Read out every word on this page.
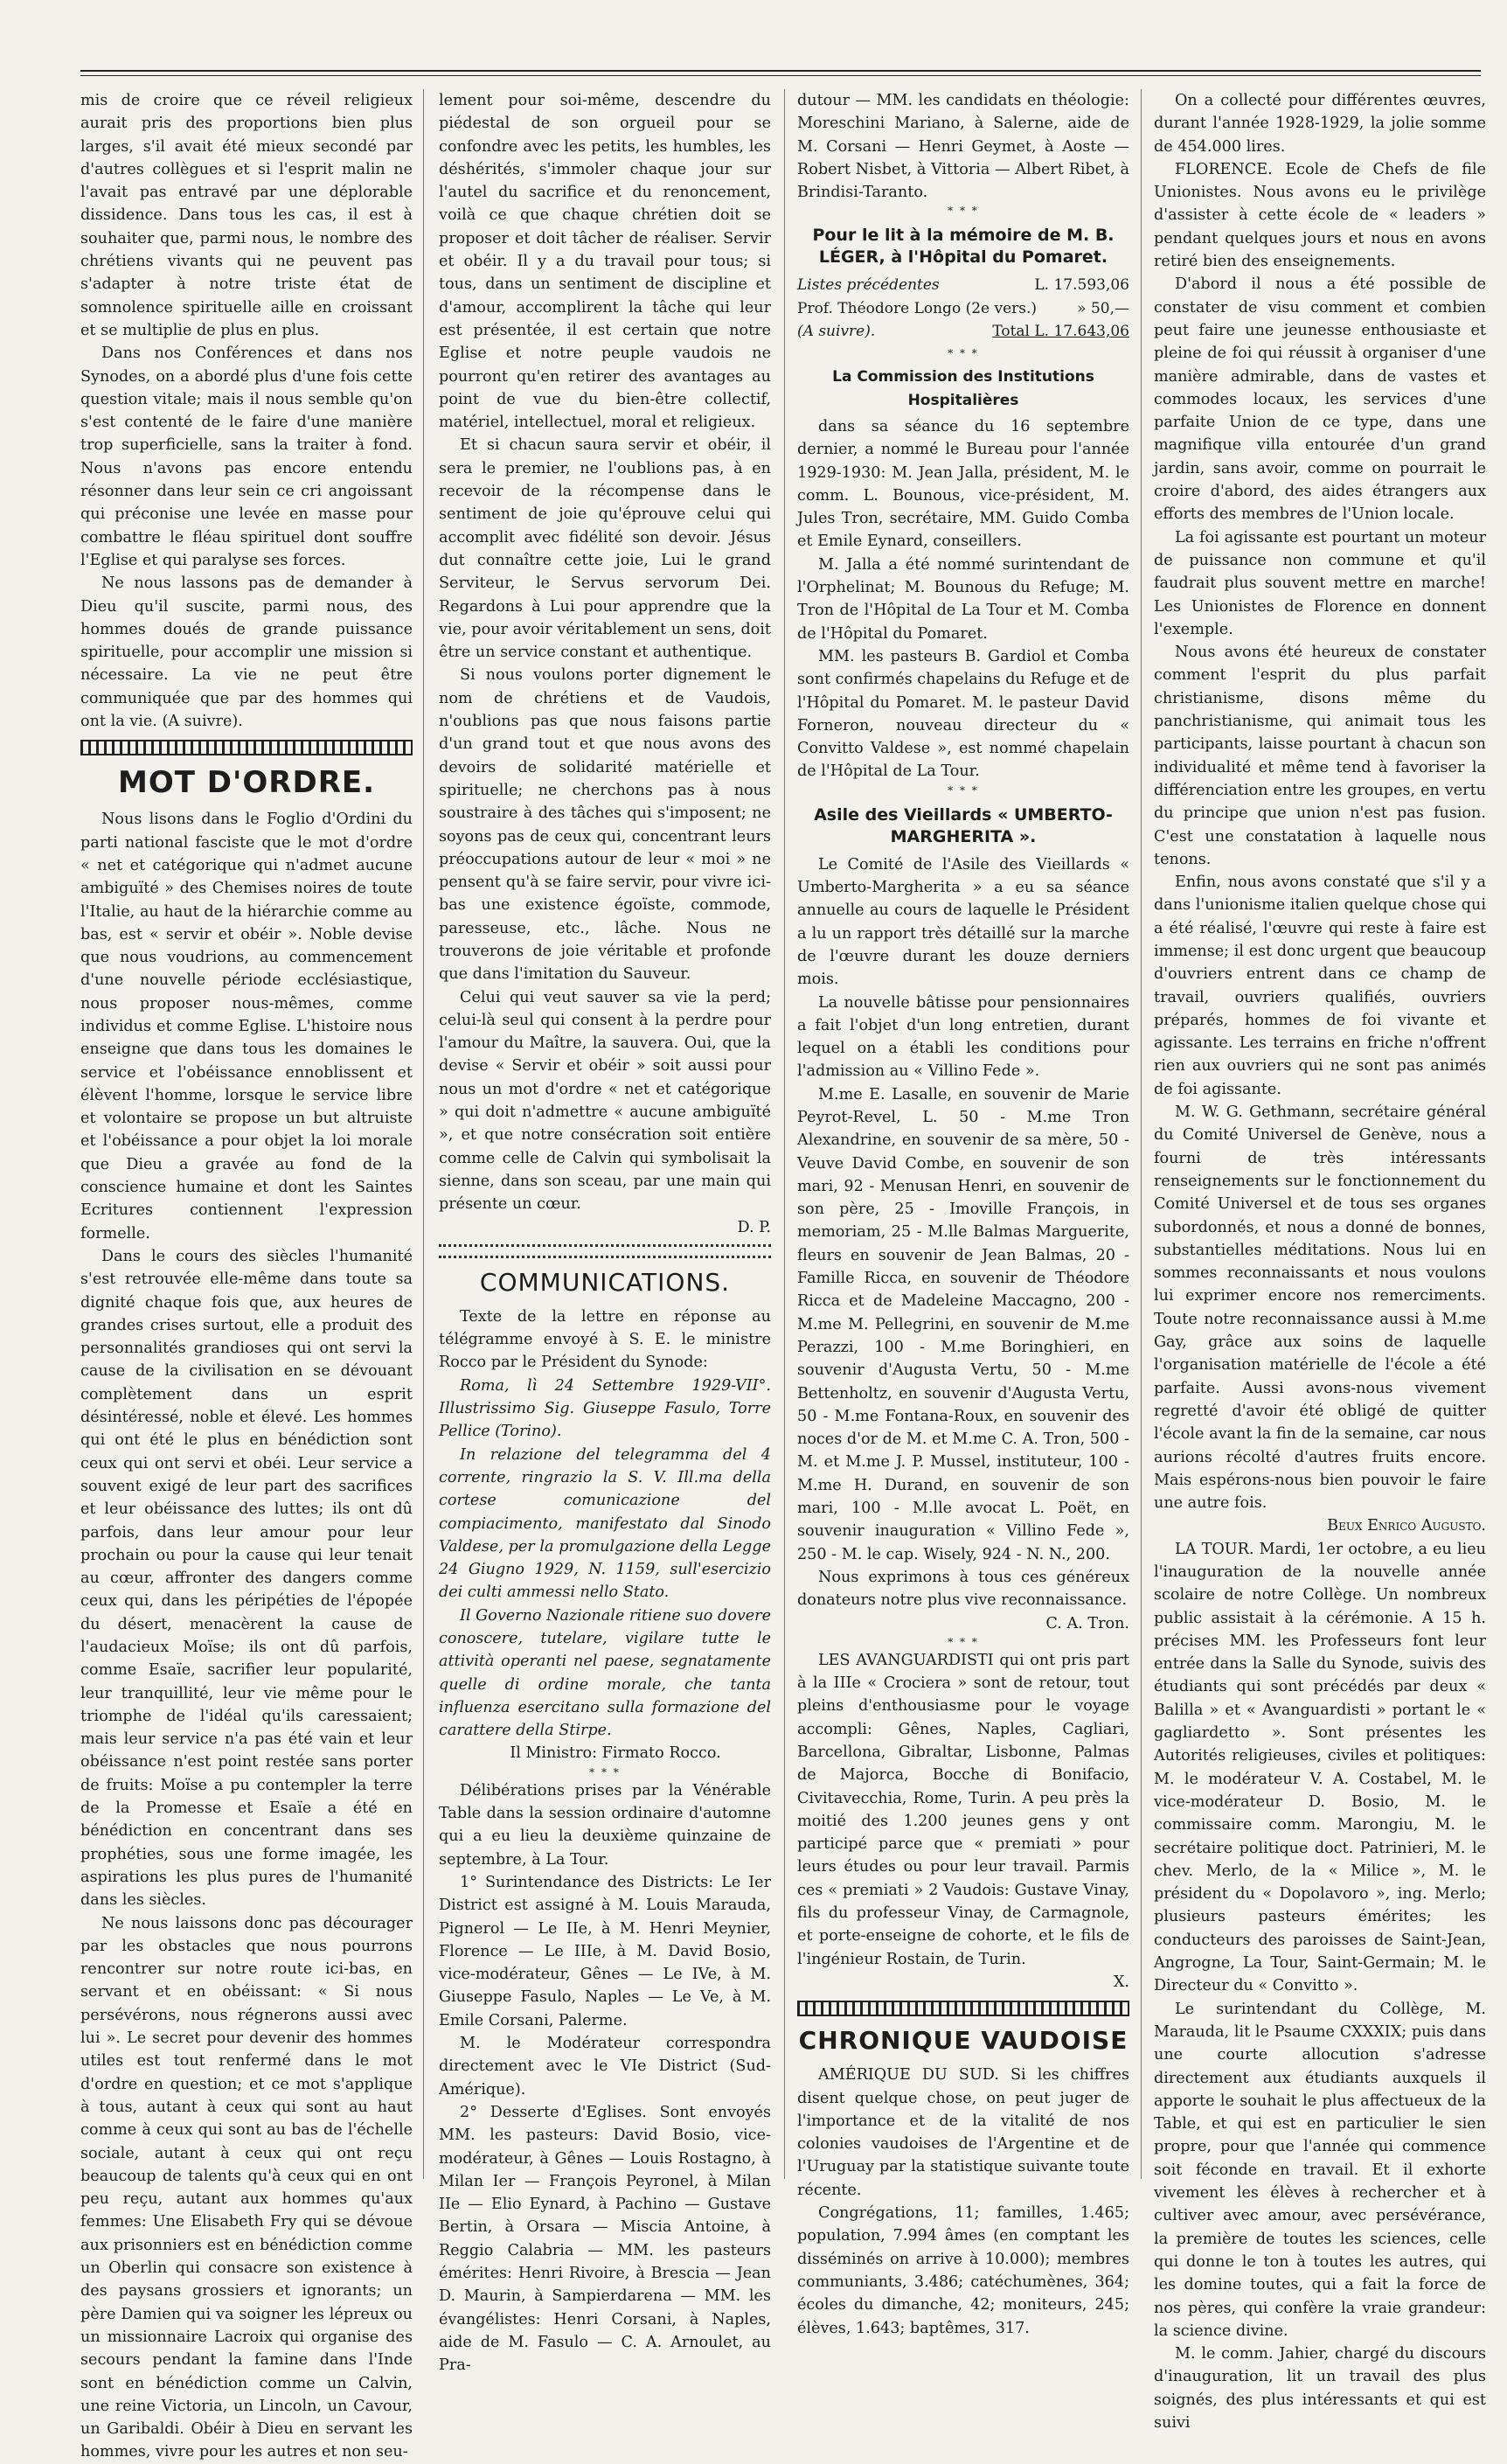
mis de croire que ce réveil religieux aurait pris des proportions bien plus larges, s'il avait été mieux secondé par d'autres collègues et si l'esprit malin ne l'avait pas entravé par une déplorable dissidence. Dans tous les cas, il est à souhaiter que, parmi nous, le nombre des chrétiens vivants qui ne peuvent pas s'adapter à notre triste état de somnolence spirituelle aille en croissant et se multiplie de plus en plus.

Dans nos Conférences et dans nos Synodes, on a abordé plus d'une fois cette question vitale; mais il nous semble qu'on s'est contenté de le faire d'une manière trop superficielle, sans la traiter à fond. Nous n'avons pas encore entendu résonner dans leur sein ce cri angoissant qui préconise une levée en masse pour combattre le fléau spirituel dont souffre l'Eglise et qui paralyse ses forces.

Ne nous lassons pas de demander à Dieu qu'il suscite, parmi nous, des hommes doués de grande puissance spirituelle, pour accomplir une mission si nécessaire. La vie ne peut être communiquée que par des hommes qui ont la vie. (A suivre).

MOT D'ORDRE.

Nous lisons dans le Foglio d'Ordini du parti national fasciste que le mot d'ordre « net et catégorique qui n'admet aucune ambiguïté » des Chemises noires de toute l'Italie, au haut de la hiérarchie comme au bas, est « servir et obéir ». Noble devise que nous voudrions, au commencement d'une nouvelle période ecclésiastique, nous proposer nous-mêmes, comme individus et comme Eglise. L'histoire nous enseigne que dans tous les domaines le service et l'obéissance ennoblissent et élèvent l'homme, lorsque le service libre et volontaire se propose un but altruiste et l'obéissance a pour objet la loi morale que Dieu a gravée au fond de la conscience humaine et dont les Saintes Ecritures contiennent l'expression formelle.

Dans le cours des siècles l'humanité s'est retrouvée elle-même dans toute sa dignité chaque fois que, aux heures de grandes crises surtout, elle a produit des personnalités grandioses qui ont servi la cause de la civilisation en se dévouant complètement dans un esprit désintéressé, noble et élevé. Les hommes qui ont été le plus en bénédiction sont ceux qui ont servi et obéi. Leur service a souvent exigé de leur part des sacrifices et leur obéissance des luttes; ils ont dû parfois, dans leur amour pour leur prochain ou pour la cause qui leur tenait au cœur, affronter des dangers comme ceux qui, dans les péripéties de l'épopée du désert, menacèrent la cause de l'audacieux Moïse; ils ont dû parfois, comme Esaïe, sacrifier leur popularité, leur tranquillité, leur vie même pour le triomphe de l'idéal qu'ils caressaient; mais leur service n'a pas été vain et leur obéissance n'est point restée sans porter de fruits: Moïse a pu contempler la terre de la Promesse et Esaïe a été en bénédiction en concentrant dans ses prophéties, sous une forme imagée, les aspirations les plus pures de l'humanité dans les siècles.

Ne nous laissons donc pas décourager par les obstacles que nous pourrons rencontrer sur notre route ici-bas, en servant et en obéissant: « Si nous persévérons, nous régnerons aussi avec lui ». Le secret pour devenir des hommes utiles est tout renfermé dans le mot d'ordre en question; et ce mot s'applique à tous, autant à ceux qui sont au haut comme à ceux qui sont au bas de l'échelle sociale, autant à ceux qui ont reçu beaucoup de talents qu'à ceux qui en ont peu reçu, autant aux hommes qu'aux femmes: Une Elisabeth Fry qui se dévoue aux prisonniers est en bénédiction comme un Oberlin qui consacre son existence à des paysans grossiers et ignorants; un père Damien qui va soigner les lépreux ou un missionnaire Lacroix qui organise des secours pendant la famine dans l'Inde sont en bénédiction comme un Calvin, une reine Victoria, un Lincoln, un Cavour, un Garibaldi. Obéir à Dieu en servant les hommes, vivre pour les autres et non seu-

lement pour soi-même, descendre du piédestal de son orgueil pour se confondre avec les petits, les humbles, les déshérités, s'immoler chaque jour sur l'autel du sacrifice et du renoncement, voilà ce que chaque chrétien doit se proposer et doit tâcher de réaliser. Servir et obéir. Il y a du travail pour tous; si tous, dans un sentiment de discipline et d'amour, accomplirent la tâche qui leur est présentée, il est certain que notre Eglise et notre peuple vaudois ne pourront qu'en retirer des avantages au point de vue du bien-être collectif, matériel, intellectuel, moral et religieux.

Et si chacun saura servir et obéir, il sera le premier, ne l'oublions pas, à en recevoir de la récompense dans le sentiment de joie qu'éprouve celui qui accomplit avec fidélité son devoir. Jésus dut connaître cette joie, Lui le grand Serviteur, le Servus servorum Dei. Regardons à Lui pour apprendre que la vie, pour avoir véritablement un sens, doit être un service constant et authentique.

Si nous voulons porter dignement le nom de chrétiens et de Vaudois, n'oublions pas que nous faisons partie d'un grand tout et que nous avons des devoirs de solidarité matérielle et spirituelle; ne cherchons pas à nous soustraire à des tâches qui s'imposent; ne soyons pas de ceux qui, concentrant leurs préoccupations autour de leur « moi » ne pensent qu'à se faire servir, pour vivre ici-bas une existence égoïste, commode, paresseuse, etc., lâche. Nous ne trouverons de joie véritable et profonde que dans l'imitation du Sauveur.

Celui qui veut sauver sa vie la perd; celui-là seul qui consent à la perdre pour l'amour du Maître, la sauvera. Oui, que la devise « Servir et obéir » soit aussi pour nous un mot d'ordre « net et catégorique » qui doit n'admettre « aucune ambiguïté », et que notre consécration soit entière comme celle de Calvin qui symbolisait la sienne, dans son sceau, par une main qui présente un cœur.

D. P.
COMMUNICATIONS.

Texte de la lettre en réponse au télégramme envoyé à S. E. le ministre Rocco par le Président du Synode:

Roma, lì 24 Settembre 1929-VII°. Illustrissimo Sig. Giuseppe Fasulo, Torre Pellice (Torino).

In relazione del telegramma del 4 corrente, ringrazio la S. V. Ill.ma della cortese comunicazione del compiacimento, manifestato dal Sinodo Valdese, per la promulgazione della Legge 24 Giugno 1929, N. 1159, sull'esercizio dei culti ammessi nello Stato.

Il Governo Nazionale ritiene suo dovere conoscere, tutelare, vigilare tutte le attività operanti nel paese, segnatamente quelle di ordine morale, che tanta influenza esercitano sulla formazione del carattere della Stirpe.

Il Ministro: Firmato Rocco.

* * *

Délibérations prises par la Vénérable Table dans la session ordinaire d'automne qui a eu lieu la deuxième quinzaine de septembre, à La Tour.

1° Surintendance des Districts: Le Ier District est assigné à M. Louis Marauda, Pignerol — Le IIe, à M. Henri Meynier, Florence — Le IIIe, à M. David Bosio, vice-modérateur, Gênes — Le IVe, à M. Giuseppe Fasulo, Naples — Le Ve, à M. Emile Corsani, Palerme.

M. le Modérateur correspondra directement avec le VIe District (Sud-Amérique).

2° Desserte d'Eglises. Sont envoyés MM. les pasteurs: David Bosio, vice-modérateur, à Gênes — Louis Rostagno, à Milan Ier — François Peyronel, à Milan IIe — Elio Eynard, à Pachino — Gustave Bertin, à Orsara — Miscia Antoine, à Reggio Calabria — MM. les pasteurs émérites: Henri Rivoire, à Brescia — Jean D. Maurin, à Sampierdarena — MM. les évangélistes: Henri Corsani, à Naples, aide de M. Fasulo — C. A. Arnoulet, au Pra-

dutour — MM. les candidats en théologie: Moreschini Mariano, à Salerne, aide de M. Corsani — Henri Geymet, à Aoste — Robert Nisbet, à Vittoria — Albert Ribet, à Brindisi-Taranto.

* * *
Pour le lit à la mémoire de M. B. LÉGER, à l'Hôpital du Pomaret.
Listes précédentes	L. 17.593,06
Prof. Théodore Longo (2e vers.)	» 50,—
(A suivre).	Total L. 17.643,06
* * *
La Commission des Institutions Hospitalières

dans sa séance du 16 septembre dernier, a nommé le Bureau pour l'année 1929-1930: M. Jean Jalla, président, M. le comm. L. Bounous, vice-président, M. Jules Tron, secrétaire, MM. Guido Comba et Emile Eynard, conseillers.

M. Jalla a été nommé surintendant de l'Orphelinat; M. Bounous du Refuge; M. Tron de l'Hôpital de La Tour et M. Comba de l'Hôpital du Pomaret.

MM. les pasteurs B. Gardiol et Comba sont confirmés chapelains du Refuge et de l'Hôpital du Pomaret. M. le pasteur David Forneron, nouveau directeur du « Convitto Valdese », est nommé chapelain de l'Hôpital de La Tour.

* * *
Asile des Vieillards « UMBERTO-MARGHERITA ».

Le Comité de l'Asile des Vieillards « Umberto-Margherita » a eu sa séance annuelle au cours de laquelle le Président a lu un rapport très détaillé sur la marche de l'œuvre durant les douze derniers mois.

La nouvelle bâtisse pour pensionnaires a fait l'objet d'un long entretien, durant lequel on a établi les conditions pour l'admission au « Villino Fede ».

M.me E. Lasalle, en souvenir de Marie Peyrot-Revel, L. 50 - M.me Tron Alexandrine, en souvenir de sa mère, 50 - Veuve David Combe, en souvenir de son mari, 92 - Menusan Henri, en souvenir de son père, 25 - Imoville François, in memoriam, 25 - M.lle Balmas Marguerite, fleurs en souvenir de Jean Balmas, 20 - Famille Ricca, en souvenir de Théodore Ricca et de Madeleine Maccagno, 200 - M.me M. Pellegrini, en souvenir de M.me Perazzi, 100 - M.me Boringhieri, en souvenir d'Augusta Vertu, 50 - M.me Bettenholtz, en souvenir d'Augusta Vertu, 50 - M.me Fontana-Roux, en souvenir des noces d'or de M. et M.me C. A. Tron, 500 - M. et M.me J. P. Mussel, instituteur, 100 - M.me H. Durand, en souvenir de son mari, 100 - M.lle avocat L. Poët, en souvenir inauguration « Villino Fede », 250 - M. le cap. Wisely, 924 - N. N., 200.

Nous exprimons à tous ces généreux donateurs notre plus vive reconnaissance.

C. A. Tron.
* * *

LES AVANGUARDISTI qui ont pris part à la IIIe « Crociera » sont de retour, tout pleins d'enthousiasme pour le voyage accompli: Gênes, Naples, Cagliari, Barcellona, Gibraltar, Lisbonne, Palmas de Majorca, Bocche di Bonifacio, Civitavecchia, Rome, Turin. A peu près la moitié des 1.200 jeunes gens y ont participé parce que « premiati » pour leurs études ou pour leur travail. Parmis ces « premiati » 2 Vaudois: Gustave Vinay, fils du professeur Vinay, de Carmagnole, et porte-enseigne de cohorte, et le fils de l'ingénieur Rostain, de Turin.

X.
CHRONIQUE VAUDOISE

AMÉRIQUE DU SUD. Si les chiffres disent quelque chose, on peut juger de l'importance et de la vitalité de nos colonies vaudoises de l'Argentine et de l'Uruguay par la statistique suivante toute récente.

Congrégations, 11; familles, 1.465; population, 7.994 âmes (en comptant les disséminés on arrive à 10.000); membres communiants, 3.486; catéchumènes, 364; écoles du dimanche, 42; moniteurs, 245; élèves, 1.643; baptêmes, 317.

On a collecté pour différentes œuvres, durant l'année 1928-1929, la jolie somme de 454.000 lires.

FLORENCE. Ecole de Chefs de file Unionistes. Nous avons eu le privilège d'assister à cette école de « leaders » pendant quelques jours et nous en avons retiré bien des enseignements.

D'abord il nous a été possible de constater de visu comment et combien peut faire une jeunesse enthousiaste et pleine de foi qui réussit à organiser d'une manière admirable, dans de vastes et commodes locaux, les services d'une parfaite Union de ce type, dans une magnifique villa entourée d'un grand jardin, sans avoir, comme on pourrait le croire d'abord, des aides étrangers aux efforts des membres de l'Union locale.

La foi agissante est pourtant un moteur de puissance non commune et qu'il faudrait plus souvent mettre en marche! Les Unionistes de Florence en donnent l'exemple.

Nous avons été heureux de constater comment l'esprit du plus parfait christianisme, disons même du panchristianisme, qui animait tous les participants, laisse pourtant à chacun son individualité et même tend à favoriser la différenciation entre les groupes, en vertu du principe que union n'est pas fusion. C'est une constatation à laquelle nous tenons.

Enfin, nous avons constaté que s'il y a dans l'unionisme italien quelque chose qui a été réalisé, l'œuvre qui reste à faire est immense; il est donc urgent que beaucoup d'ouvriers entrent dans ce champ de travail, ouvriers qualifiés, ouvriers préparés, hommes de foi vivante et agissante. Les terrains en friche n'offrent rien aux ouvriers qui ne sont pas animés de foi agissante.

M. W. G. Gethmann, secrétaire général du Comité Universel de Genève, nous a fourni de très intéressants renseignements sur le fonctionnement du Comité Universel et de tous ses organes subordonnés, et nous a donné de bonnes, substantielles méditations. Nous lui en sommes reconnaissants et nous voulons lui exprimer encore nos remerciments. Toute notre reconnaissance aussi à M.me Gay, grâce aux soins de laquelle l'organisation matérielle de l'école a été parfaite. Aussi avons-nous vivement regretté d'avoir été obligé de quitter l'école avant la fin de la semaine, car nous aurions récolté d'autres fruits encore. Mais espérons-nous bien pouvoir le faire une autre fois.

Beux Enrico Augusto.

LA TOUR. Mardi, 1er octobre, a eu lieu l'inauguration de la nouvelle année scolaire de notre Collège. Un nombreux public assistait à la cérémonie. A 15 h. précises MM. les Professeurs font leur entrée dans la Salle du Synode, suivis des étudiants qui sont précédés par deux « Balilla » et « Avanguardisti » portant le « gagliardetto ». Sont présentes les Autorités religieuses, civiles et politiques: M. le modérateur V. A. Costabel, M. le vice-modérateur D. Bosio, M. le commissaire comm. Marongiu, M. le secrétaire politique doct. Patrinieri, M. le chev. Merlo, de la « Milice », M. le président du « Dopolavoro », ing. Merlo; plusieurs pasteurs émérites; les conducteurs des paroisses de Saint-Jean, Angrogne, La Tour, Saint-Germain; M. le Directeur du « Convitto ».

Le surintendant du Collège, M. Marauda, lit le Psaume CXXXIX; puis dans une courte allocution s'adresse directement aux étudiants auxquels il apporte le souhait le plus affectueux de la Table, et qui est en particulier le sien propre, pour que l'année qui commence soit féconde en travail. Et il exhorte vivement les élèves à rechercher et à cultiver avec amour, avec persévérance, la première de toutes les sciences, celle qui donne le ton à toutes les autres, qui les domine toutes, qui a fait la force de nos pères, qui confère la vraie grandeur: la science divine.

M. le comm. Jahier, chargé du discours d'inauguration, lit un travail des plus soignés, des plus intéressants et qui est suivi
